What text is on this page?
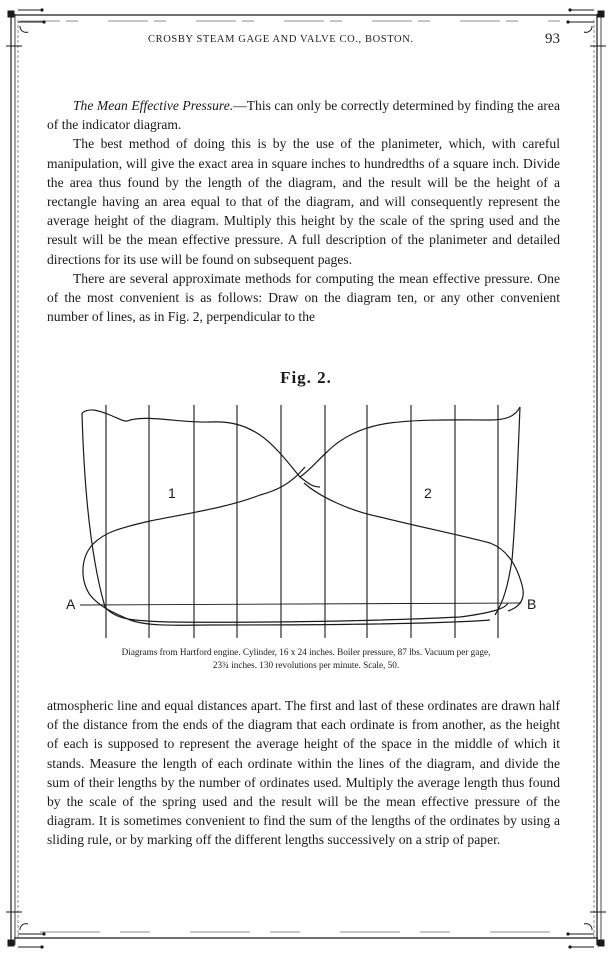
CROSBY STEAM GAGE AND VALVE CO., BOSTON.	93

The Mean Effective Pressure.—This can only be correctly determined by finding the area of the indicator diagram.

The best method of doing this is by the use of the planimeter, which, with careful manipulation, will give the exact area in square inches to hundredths of a square inch. Divide the area thus found by the length of the diagram, and the result will be the height of a rectangle having an area equal to that of the diagram, and will consequently represent the average height of the diagram. Multiply this height by the scale of the spring used and the result will be the mean effective pressure. A full description of the planimeter and detailed directions for its use will be found on subsequent pages.

There are several approximate methods for computing the mean effective pressure. One of the most convenient is as follows: Draw on the diagram ten, or any other convenient number of lines, as in Fig. 2, perpendicular to the

Fig. 2.
1	2
A	B
Diagrams from Hartford engine. Cylinder, 16 x 24 inches. Boiler pressure, 87 lbs. Vacuum per gage,
23¾ inches. 130 revolutions per minute. Scale, 50.

atmospheric line and equal distances apart. The first and last of these ordinates are drawn half of the distance from the ends of the diagram that each ordinate is from another, as the height of each is supposed to represent the average height of the space in the middle of which it stands. Measure the length of each ordinate within the lines of the diagram, and divide the sum of their lengths by the number of ordinates used. Multiply the average length thus found by the scale of the spring used and the result will be the mean effective pressure of the diagram. It is sometimes convenient to find the sum of the lengths of the ordinates by using a sliding rule, or by marking off the different lengths successively on a strip of paper.
